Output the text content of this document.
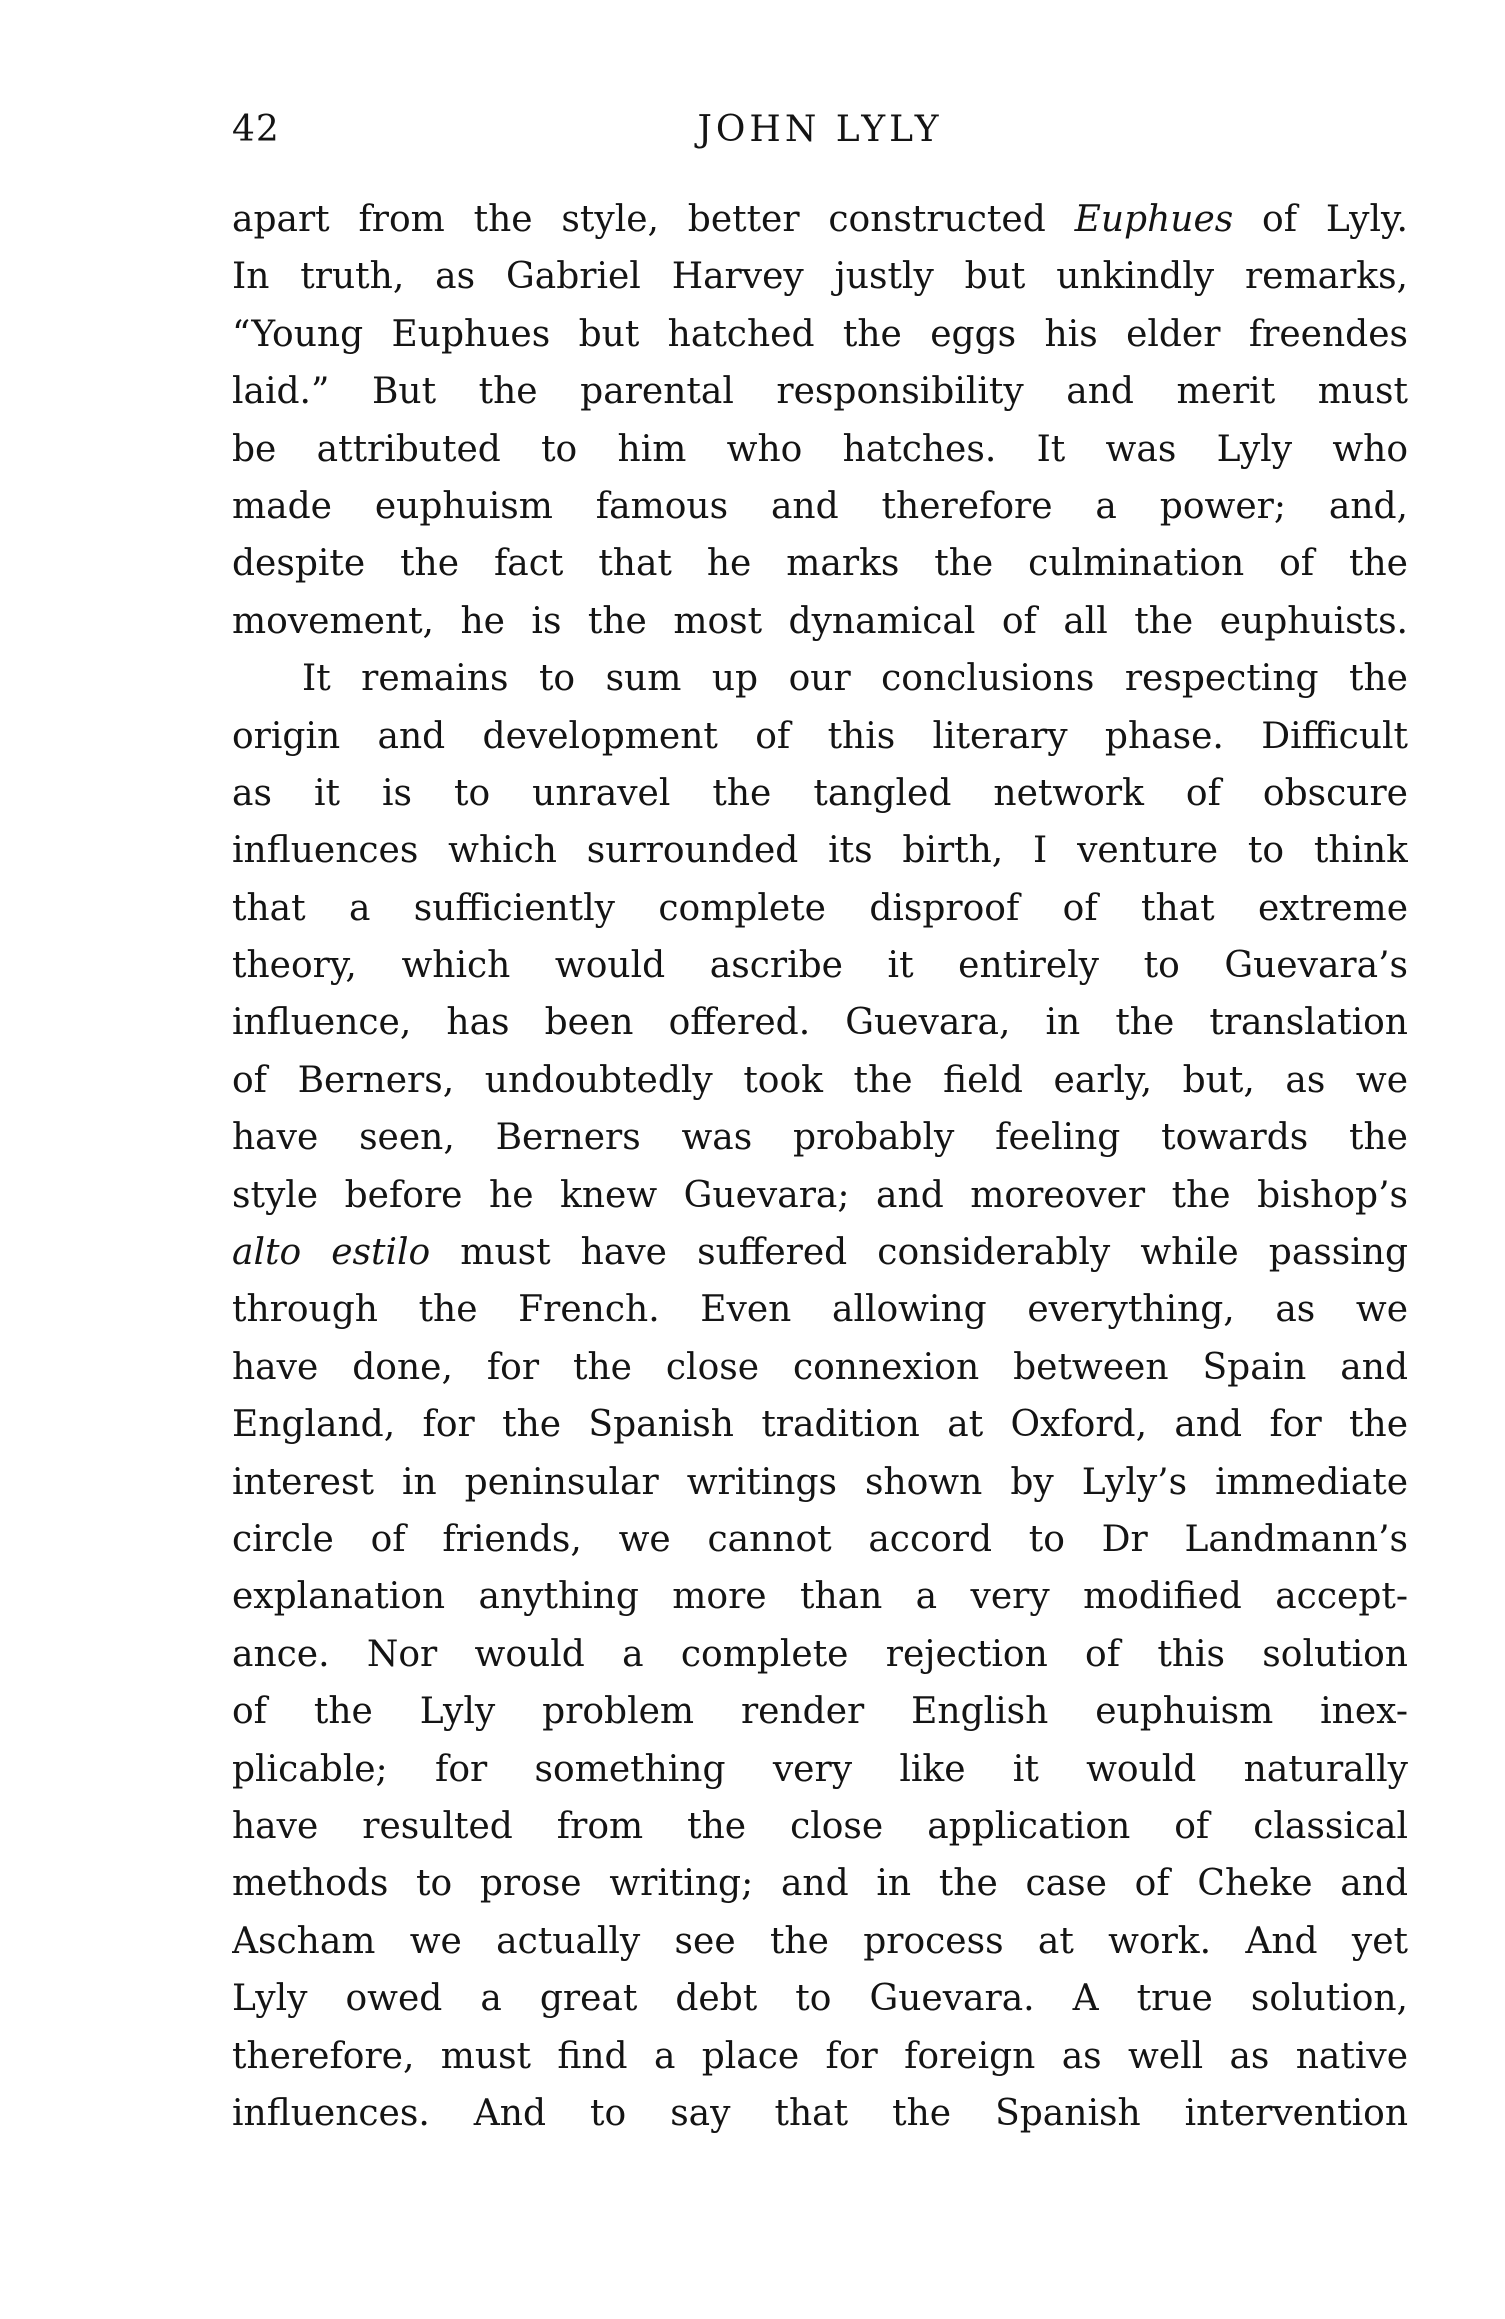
42	JOHN LYLY
apart from the style, better constructed Euphues of Lyly.
In truth, as Gabriel Harvey justly but unkindly remarks,
“Young Euphues but hatched the eggs his elder freendes
laid.” But the parental responsibility and merit must
be attributed to him who hatches. It was Lyly who
made euphuism famous and therefore a power; and,
despite the fact that he marks the culmination of the
movement, he is the most dynamical of all the euphuists.
It remains to sum up our conclusions respecting the
origin and development of this literary phase. Difficult
as it is to unravel the tangled network of obscure
influences which surrounded its birth, I venture to think
that a sufficiently complete disproof of that extreme
theory, which would ascribe it entirely to Guevara’s
influence, has been offered. Guevara, in the translation
of Berners, undoubtedly took the field early, but, as we
have seen, Berners was probably feeling towards the
style before he knew Guevara; and moreover the bishop’s
alto estilo must have suffered considerably while passing
through the French. Even allowing everything, as we
have done, for the close connexion between Spain and
England, for the Spanish tradition at Oxford, and for the
interest in peninsular writings shown by Lyly’s immediate
circle of friends, we cannot accord to Dr Landmann’s
explanation anything more than a very modified accept-
ance. Nor would a complete rejection of this solution
of the Lyly problem render English euphuism inex-
plicable; for something very like it would naturally
have resulted from the close application of classical
methods to prose writing; and in the case of Cheke and
Ascham we actually see the process at work. And yet
Lyly owed a great debt to Guevara. A true solution,
therefore, must find a place for foreign as well as native
influences. And to say that the Spanish intervention
